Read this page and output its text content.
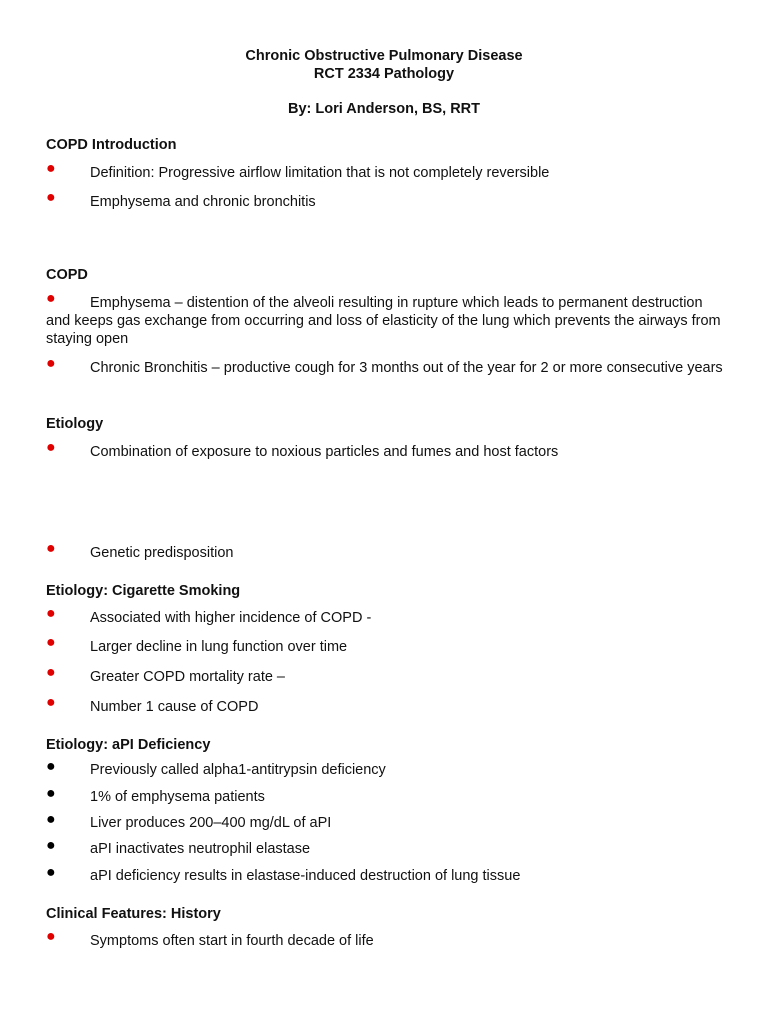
Chronic Obstructive Pulmonary Disease
RCT 2334 Pathology
By: Lori Anderson, BS, RRT
COPD Introduction
● Definition: Progressive airflow limitation that is not completely reversible
● Emphysema and chronic bronchitis
COPD
● Emphysema – distention of the alveoli resulting in rupture which leads to permanent destruction and keeps gas exchange from occurring and loss of elasticity of the lung which prevents the airways from staying open
● Chronic Bronchitis – productive cough for 3 months out of the year for 2 or more consecutive years
Etiology
● Combination of exposure to noxious particles and fumes and host factors
● Genetic predisposition
Etiology: Cigarette Smoking
● Associated with higher incidence of COPD -
● Larger decline in lung function over time
● Greater COPD mortality rate –
● Number 1 cause of COPD
Etiology: aPI Deficiency
● Previously called alpha1-antitrypsin deficiency
● 1% of emphysema patients
● Liver produces 200–400 mg/dL of aPI
● aPI inactivates neutrophil elastase
● aPI deficiency results in elastase-induced destruction of lung tissue
Clinical Features: History
● Symptoms often start in fourth decade of life
